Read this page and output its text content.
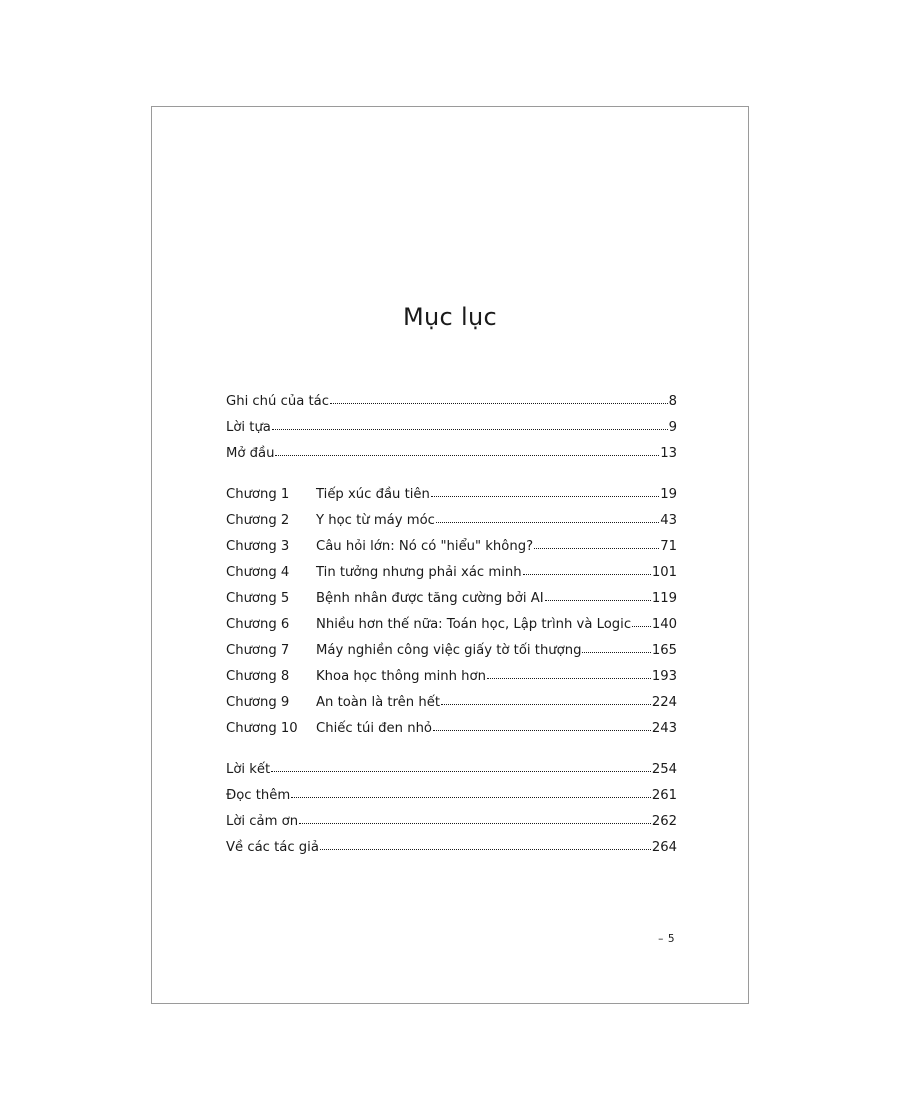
Mục lục
Ghi chú của tác	8
Lời tựa	9
Mở đầu	13
Chương 1	Tiếp xúc đầu tiên	19
Chương 2	Y học từ máy móc	43
Chương 3	Câu hỏi lớn: Nó có "hiểu" không?	71
Chương 4	Tin tưởng nhưng phải xác minh	101
Chương 5	Bệnh nhân được tăng cường bởi AI	119
Chương 6	Nhiều hơn thế nữa: Toán học, Lập trình và Logic 140
Chương 7	Máy nghiền công việc giấy tờ tối thượng	165
Chương 8	Khoa học thông minh hơn	193
Chương 9	An toàn là trên hết	224
Chương 10	Chiếc túi đen nhỏ	243
Lời kết	254
Đọc thêm	261
Lời cảm ơn	262
Về các tác giả	264
– 5
